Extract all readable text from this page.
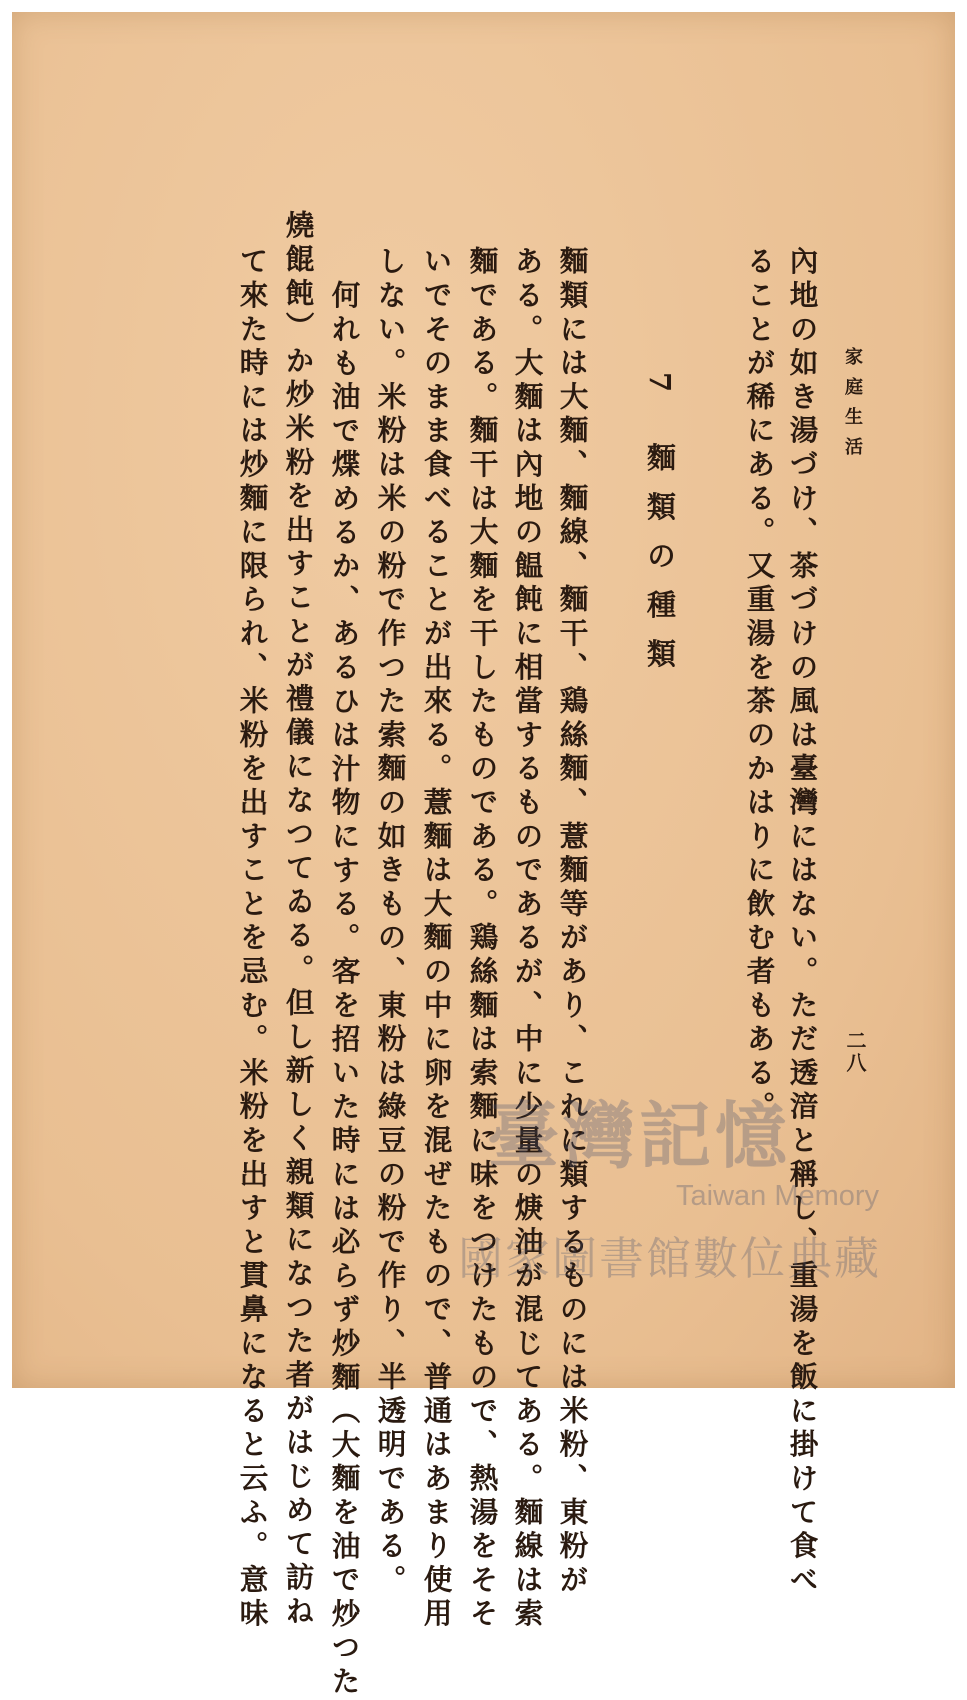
家庭生活
二八
內地の如き湯づけ、茶づけの風は臺灣にはない。ただ透湆と稱し、重湯を飯に掛けて食べ
ることが稀にある。又重湯を茶のかはりに飲む者もある。
7 麵類の種類
麵類には大麵、麵線、麵干、鶏絲麵、薏麵等があり、これに類するものには米粉、東粉が
ある。大麵は內地の饂飩に相當するものであるが、中に少量の焿油が混じてある。麵線は索
麵である。麵干は大麵を干したものである。鶏絲麵は索麵に味をつけたもので、熱湯をそそ
いでそのまま食べることが出來る。薏麵は大麵の中に卵を混ぜたもので、普通はあまり使用
しない。米粉は米の粉で作つた索麵の如きもの、東粉は綠豆の粉で作り、半透明である。
何れも油で煠めるか、あるひは汁物にする。客を招いた時には必らず炒麵（大麵を油で炒つた
燒餛飩）か炒米粉を出すことが禮儀になつてゐる。但し新しく親類になつた者がはじめて訪ね
て來た時には炒麵に限られ、米粉を出すことを忌む。米粉を出すと貫鼻になると云ふ。意味	臺灣記憶
Taiwan Memory
國家圖書館數位典藏
